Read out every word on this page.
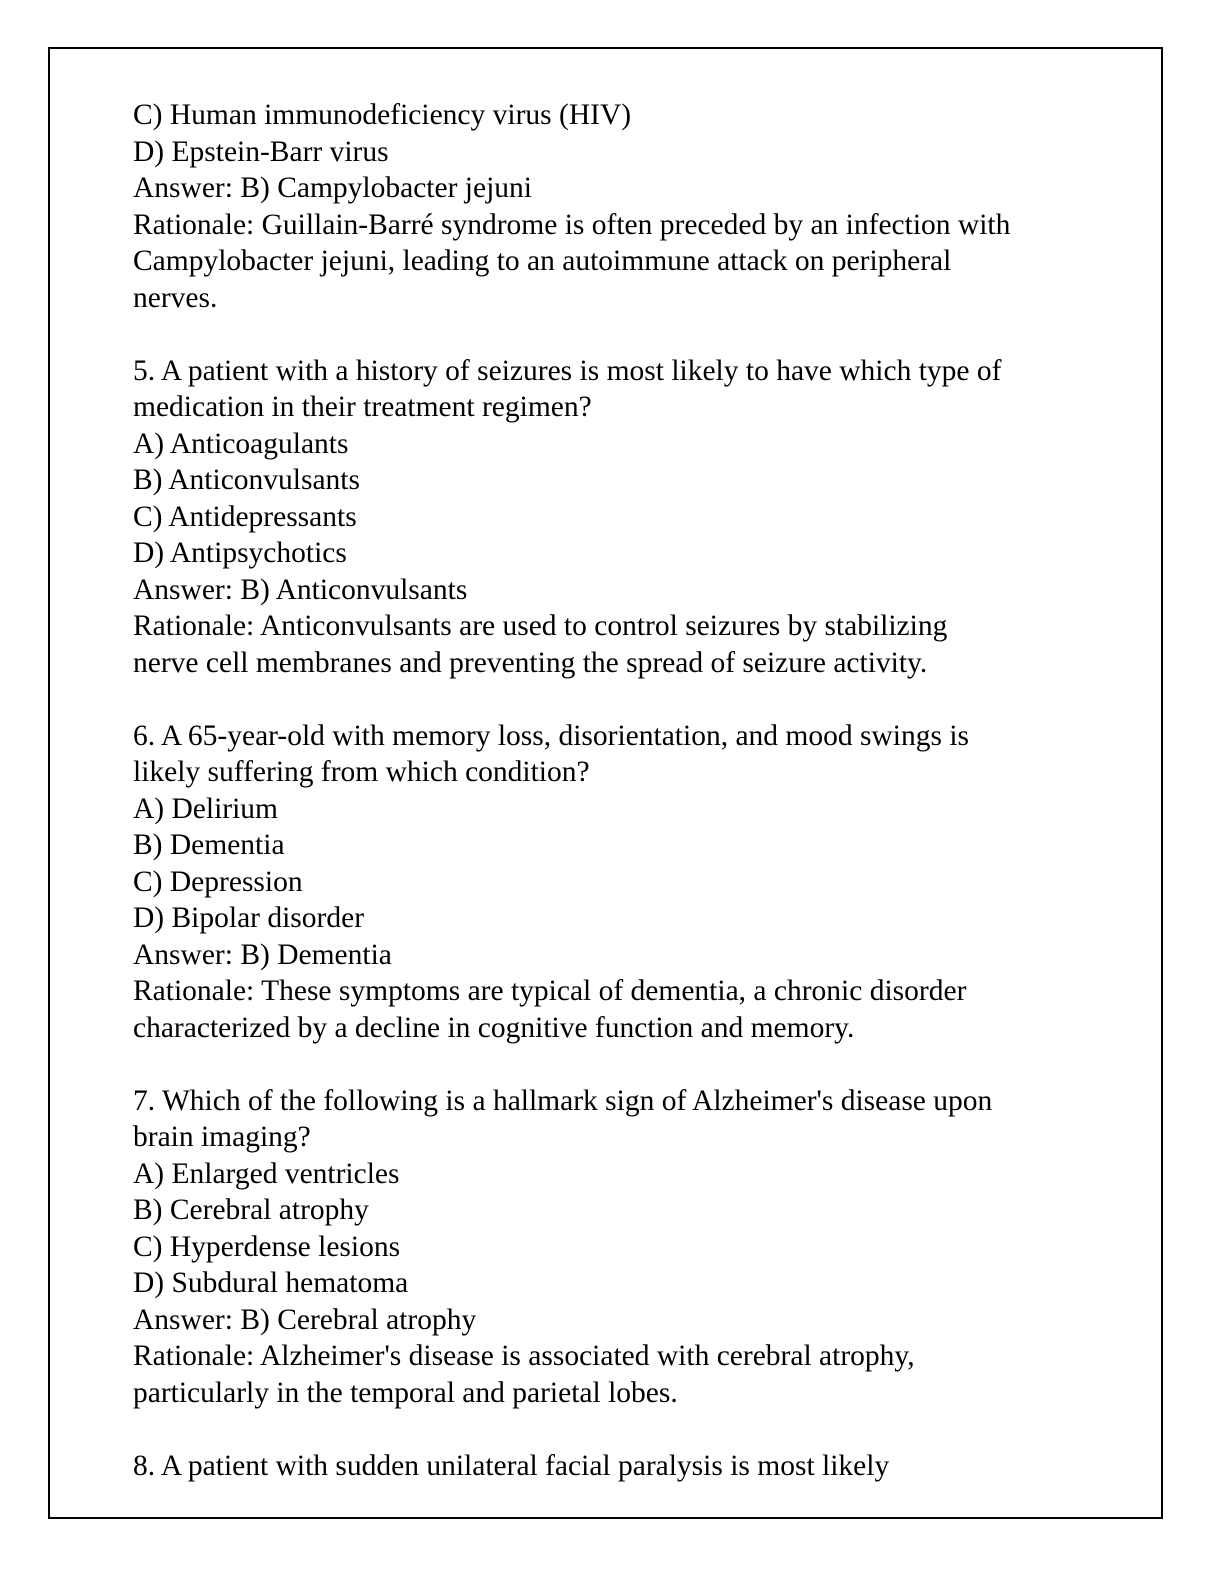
C) Human immunodeficiency virus (HIV)
D) Epstein-Barr virus
Answer: B) Campylobacter jejuni
Rationale: Guillain-Barré syndrome is often preceded by an infection with
Campylobacter jejuni, leading to an autoimmune attack on peripheral
nerves.
5. A patient with a history of seizures is most likely to have which type of
medication in their treatment regimen?
A) Anticoagulants
B) Anticonvulsants
C) Antidepressants
D) Antipsychotics
Answer: B) Anticonvulsants
Rationale: Anticonvulsants are used to control seizures by stabilizing
nerve cell membranes and preventing the spread of seizure activity.
6. A 65-year-old with memory loss, disorientation, and mood swings is
likely suffering from which condition?
A) Delirium
B) Dementia
C) Depression
D) Bipolar disorder
Answer: B) Dementia
Rationale: These symptoms are typical of dementia, a chronic disorder
characterized by a decline in cognitive function and memory.
7. Which of the following is a hallmark sign of Alzheimer's disease upon
brain imaging?
A) Enlarged ventricles
B) Cerebral atrophy
C) Hyperdense lesions
D) Subdural hematoma
Answer: B) Cerebral atrophy
Rationale: Alzheimer's disease is associated with cerebral atrophy,
particularly in the temporal and parietal lobes.
8. A patient with sudden unilateral facial paralysis is most likely
